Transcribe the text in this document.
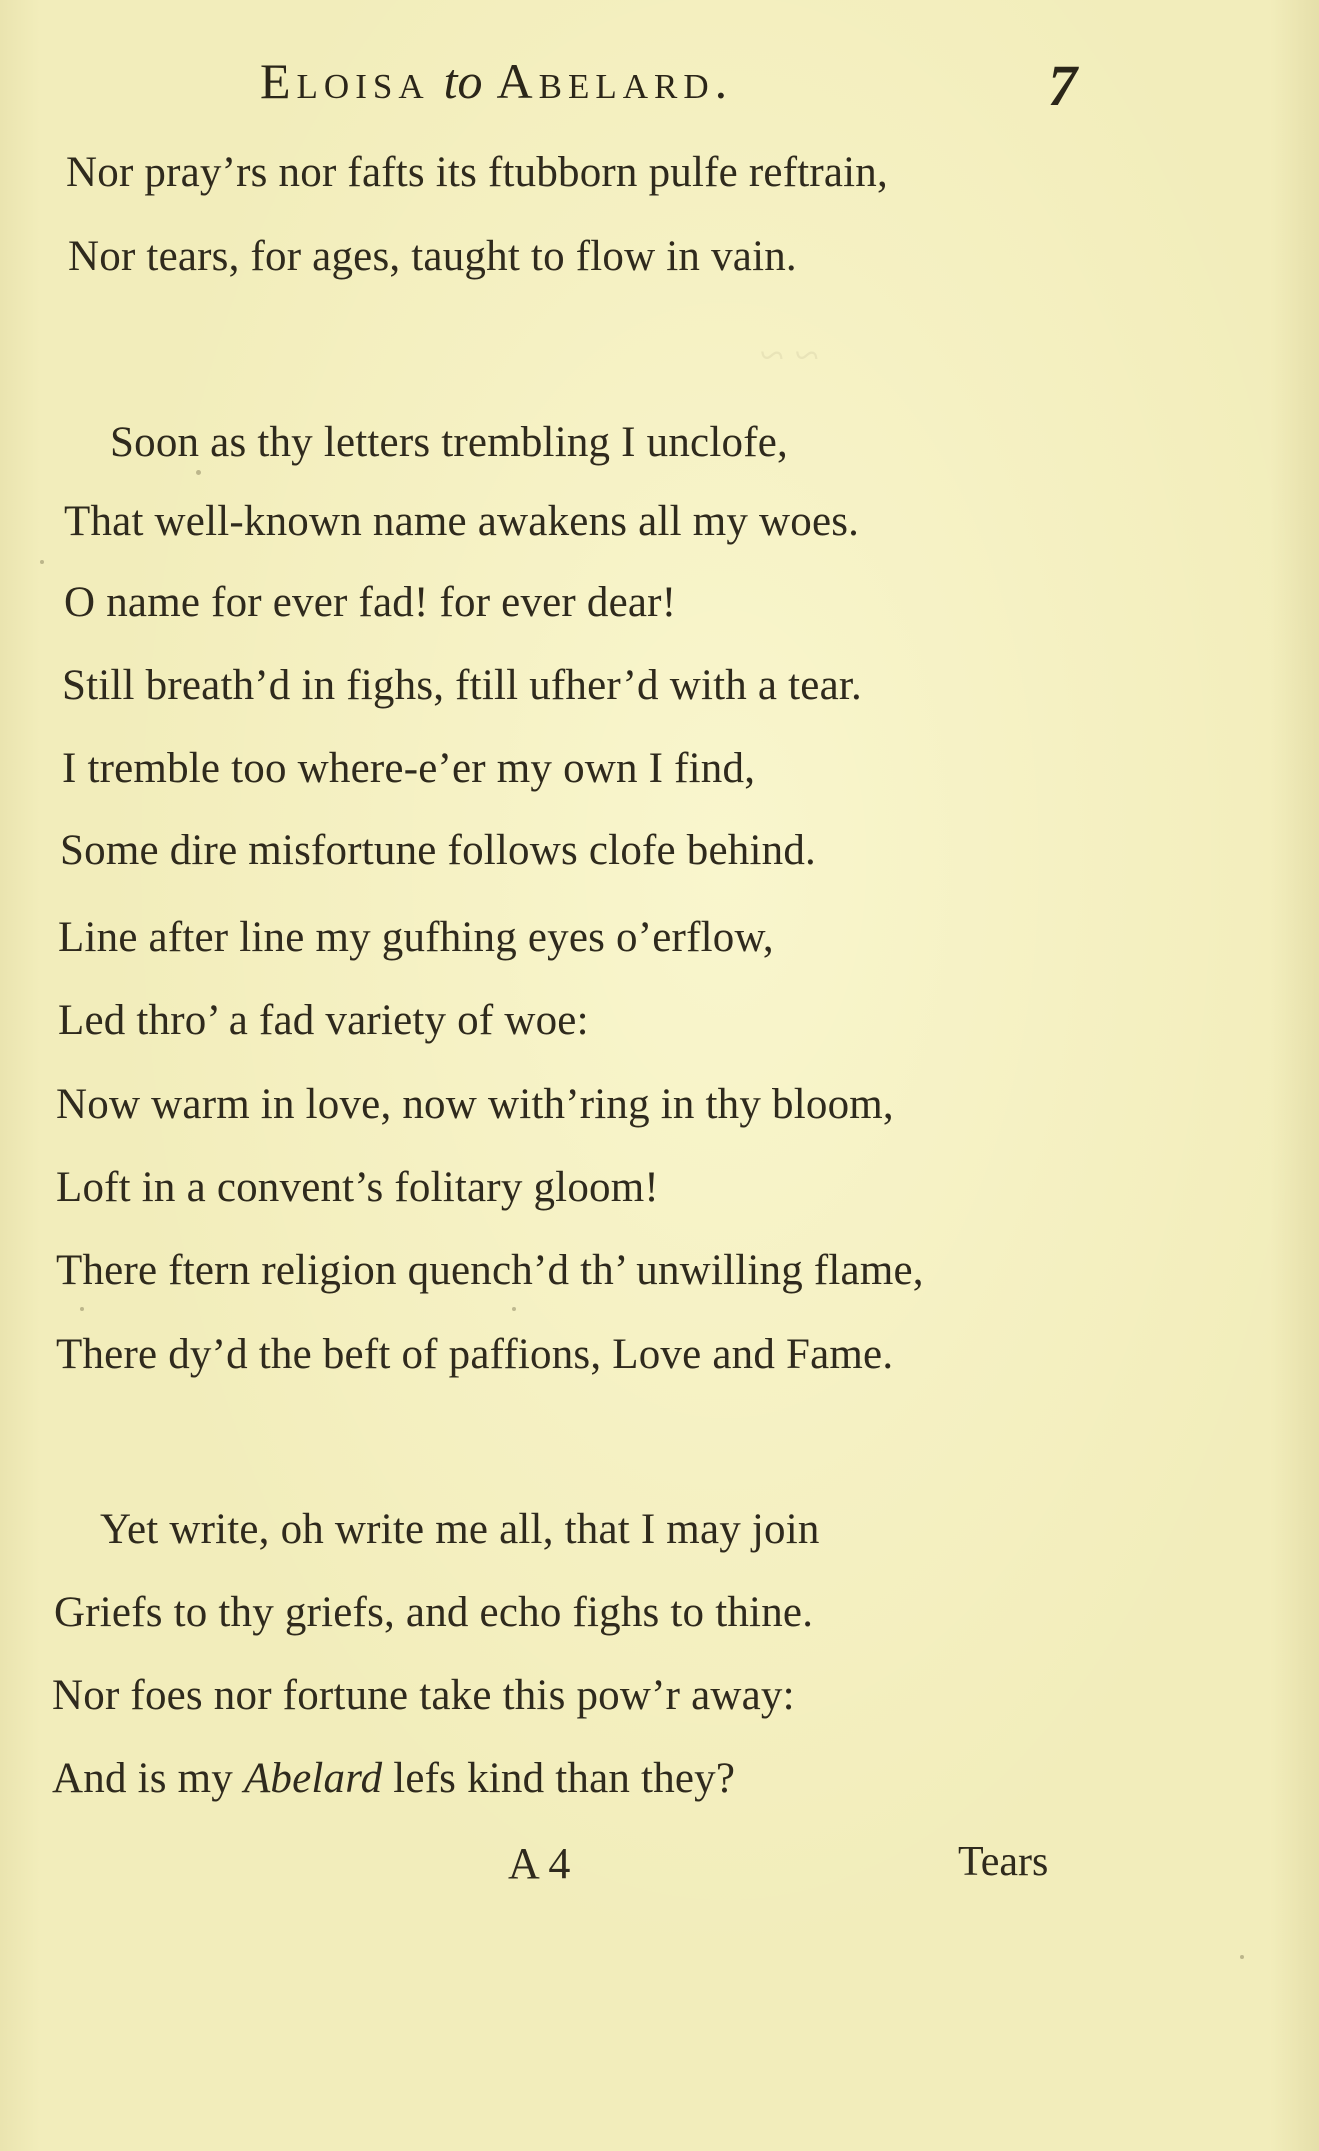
~ ~
Eloisa to Abelard.	7
Nor pray’rs nor fafts its ftubborn pulfe reftrain,
Nor tears, for ages, taught to flow in vain.
Soon as thy letters trembling I unclofe,
That well-known name awakens all my woes.
O name for ever fad! for ever dear!
Still breath’d in fighs, ftill ufher’d with a tear.
I tremble too where-e’er my own I find,
Some dire misfortune follows clofe behind.
Line after line my gufhing eyes o’erflow,
Led thro’ a fad variety of woe:
Now warm in love, now with’ring in thy bloom,
Loft in a convent’s folitary gloom!
There ftern religion quench’d th’ unwilling flame,
There dy’d the beft of paffions, Love and Fame.
Yet write, oh write me all, that I may join
Griefs to thy griefs, and echo fighs to thine.
Nor foes nor fortune take this pow’r away:
And is my Abelard lefs kind than they?
A 4	Tears
